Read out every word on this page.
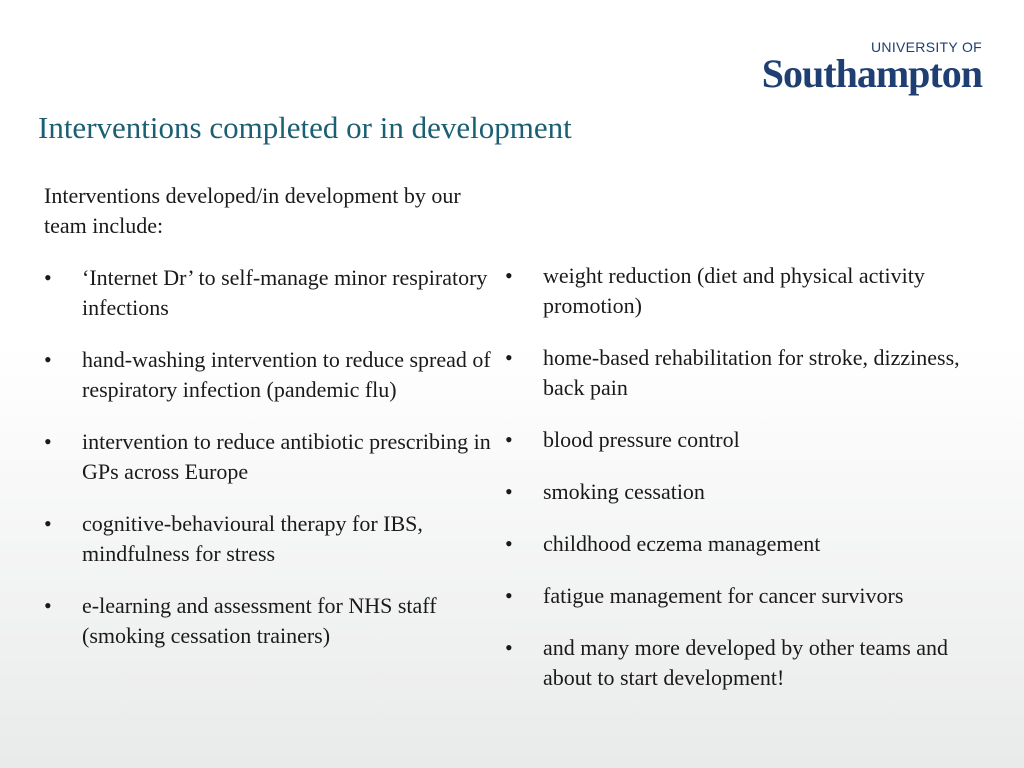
UNIVERSITY OF
Southampton
Interventions completed or in development
Interventions developed/in development by our team include:
• ‘Internet Dr’ to self-manage minor respiratory infections
• hand-washing intervention to reduce spread of respiratory infection (pandemic flu)
• intervention to reduce antibiotic prescribing in GPs across Europe
• cognitive-behavioural therapy for IBS, mindfulness for stress
• e-learning and assessment for NHS staff (smoking cessation trainers)
• weight reduction (diet and physical activity promotion)
• home-based rehabilitation for stroke, dizziness, back pain
• blood pressure control
• smoking cessation
• childhood eczema management
• fatigue management for cancer survivors
• and many more developed by other teams and about to start development!
